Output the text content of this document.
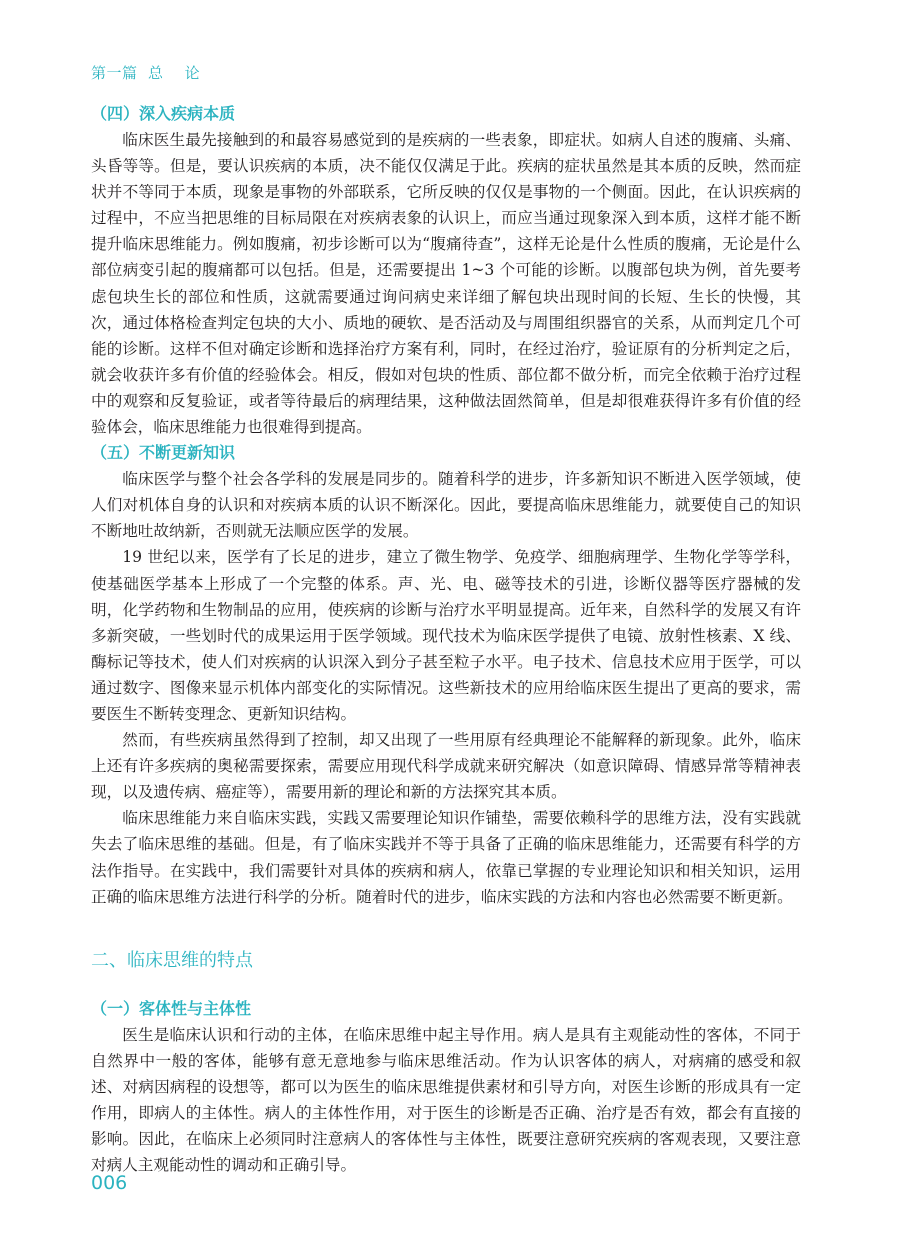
第一篇  总    论
（四）深入疾病本质

临床医生最先接触到的和最容易感觉到的是疾病的一些表象，即症状。如病人自述的腹痛、头痛、头昏等等。但是，要认识疾病的本质，决不能仅仅满足于此。疾病的症状虽然是其本质的反映，然而症状并不等同于本质，现象是事物的外部联系，它所反映的仅仅是事物的一个侧面。因此，在认识疾病的过程中，不应当把思维的目标局限在对疾病表象的认识上，而应当通过现象深入到本质，这样才能不断提升临床思维能力。例如腹痛，初步诊断可以为“腹痛待查”，这样无论是什么性质的腹痛，无论是什么部位病变引起的腹痛都可以包括。但是，还需要提出 1~3 个可能的诊断。以腹部包块为例，首先要考虑包块生长的部位和性质，这就需要通过询问病史来详细了解包块出现时间的长短、生长的快慢，其次，通过体格检查判定包块的大小、质地的硬软、是否活动及与周围组织器官的关系，从而判定几个可能的诊断。这样不但对确定诊断和选择治疗方案有利，同时，在经过治疗，验证原有的分析判定之后，就会收获许多有价值的经验体会。相反，假如对包块的性质、部位都不做分析，而完全依赖于治疗过程中的观察和反复验证，或者等待最后的病理结果，这种做法固然简单，但是却很难获得许多有价值的经验体会，临床思维能力也很难得到提高。

（五）不断更新知识

临床医学与整个社会各学科的发展是同步的。随着科学的进步，许多新知识不断进入医学领域，使人们对机体自身的认识和对疾病本质的认识不断深化。因此，要提高临床思维能力，就要使自己的知识不断地吐故纳新，否则就无法顺应医学的发展。

19 世纪以来，医学有了长足的进步，建立了微生物学、免疫学、细胞病理学、生物化学等学科，使基础医学基本上形成了一个完整的体系。声、光、电、磁等技术的引进，诊断仪器等医疗器械的发明，化学药物和生物制品的应用，使疾病的诊断与治疗水平明显提高。近年来，自然科学的发展又有许多新突破，一些划时代的成果运用于医学领域。现代技术为临床医学提供了电镜、放射性核素、X 线、酶标记等技术，使人们对疾病的认识深入到分子甚至粒子水平。电子技术、信息技术应用于医学，可以通过数字、图像来显示机体内部变化的实际情况。这些新技术的应用给临床医生提出了更高的要求，需要医生不断转变理念、更新知识结构。

然而，有些疾病虽然得到了控制，却又出现了一些用原有经典理论不能解释的新现象。此外，临床上还有许多疾病的奥秘需要探索，需要应用现代科学成就来研究解决（如意识障碍、情感异常等精神表现，以及遗传病、癌症等），需要用新的理论和新的方法探究其本质。

临床思维能力来自临床实践，实践又需要理论知识作铺垫，需要依赖科学的思维方法，没有实践就失去了临床思维的基础。但是，有了临床实践并不等于具备了正确的临床思维能力，还需要有科学的方法作指导。在实践中，我们需要针对具体的疾病和病人，依靠已掌握的专业理论知识和相关知识，运用正确的临床思维方法进行科学的分析。随着时代的进步，临床实践的方法和内容也必然需要不断更新。

二、临床思维的特点
（一）客体性与主体性

医生是临床认识和行动的主体，在临床思维中起主导作用。病人是具有主观能动性的客体，不同于自然界中一般的客体，能够有意无意地参与临床思维活动。作为认识客体的病人，对病痛的感受和叙述、对病因病程的设想等，都可以为医生的临床思维提供素材和引导方向，对医生诊断的形成具有一定作用，即病人的主体性。病人的主体性作用，对于医生的诊断是否正确、治疗是否有效，都会有直接的影响。因此，在临床上必须同时注意病人的客体性与主体性，既要注意研究疾病的客观表现，又要注意对病人主观能动性的调动和正确引导。

006
